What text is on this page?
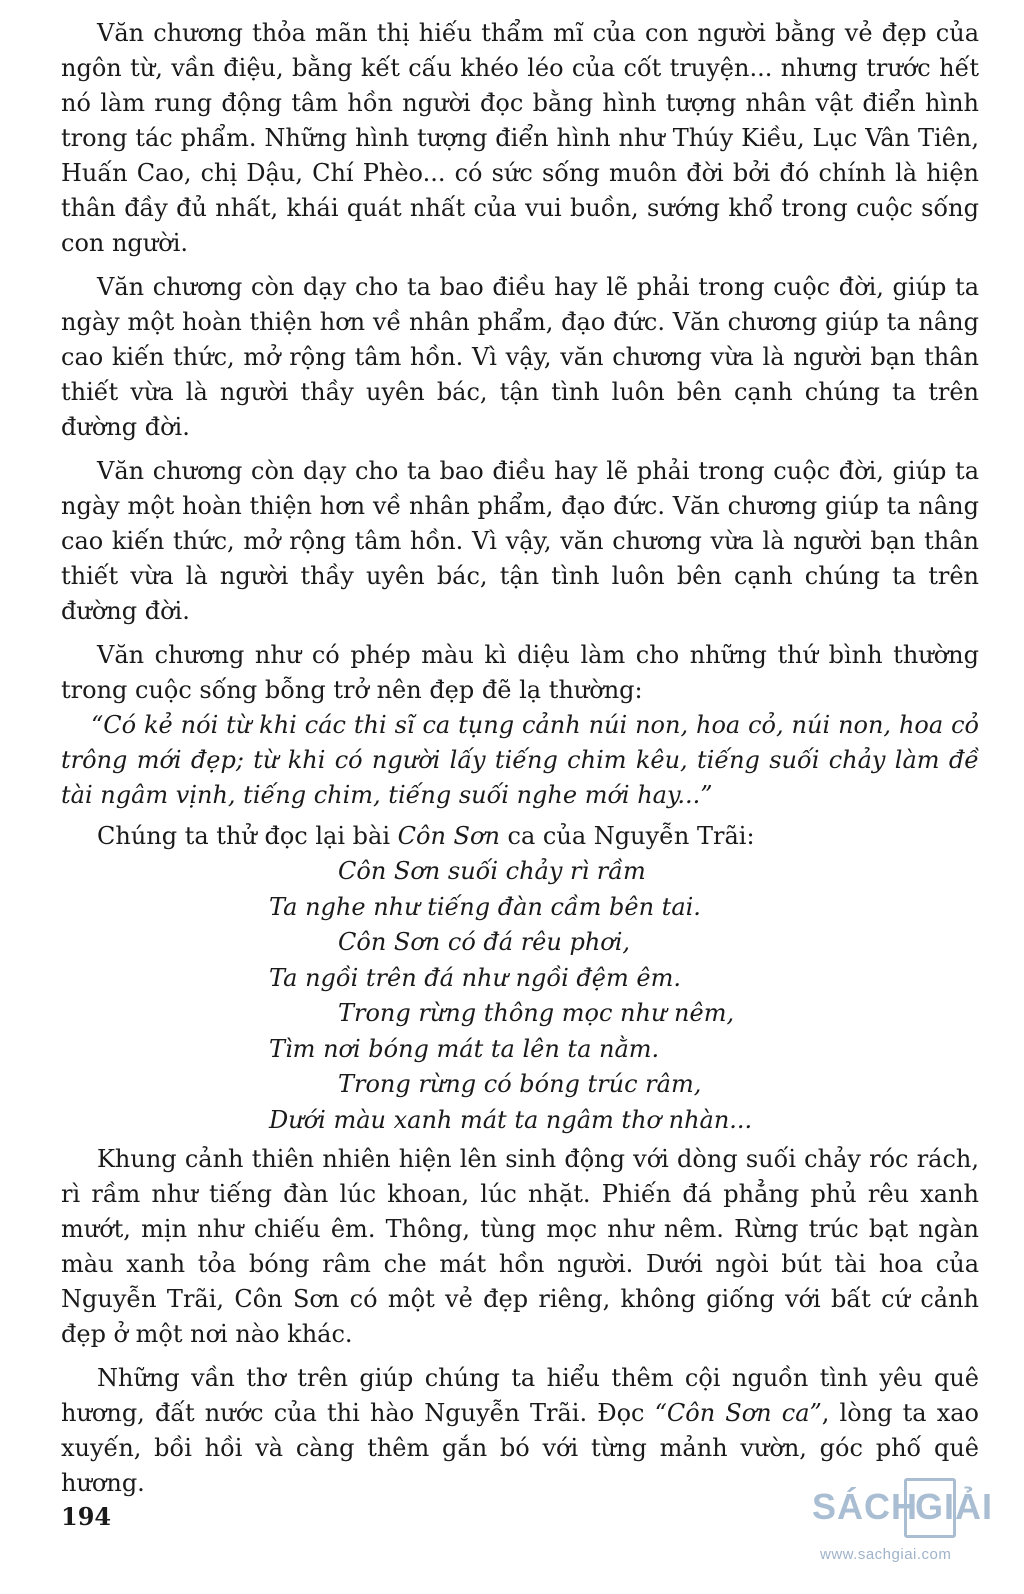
Văn chương thỏa mãn thị hiếu thẩm mĩ của con người bằng vẻ đẹp của ngôn từ, vần điệu, bằng kết cấu khéo léo của cốt truyện... nhưng trước hết nó làm rung động tâm hồn người đọc bằng hình tượng nhân vật điển hình trong tác phẩm. Những hình tượng điển hình như Thúy Kiều, Lục Vân Tiên, Huấn Cao, chị Dậu, Chí Phèo... có sức sống muôn đời bởi đó chính là hiện thân đầy đủ nhất, khái quát nhất của vui buồn, sướng khổ trong cuộc sống con người.

Văn chương còn dạy cho ta bao điều hay lẽ phải trong cuộc đời, giúp ta ngày một hoàn thiện hơn về nhân phẩm, đạo đức. Văn chương giúp ta nâng cao kiến thức, mở rộng tâm hồn. Vì vậy, văn chương vừa là người bạn thân thiết vừa là người thầy uyên bác, tận tình luôn bên cạnh chúng ta trên đường đời.

Văn chương còn dạy cho ta bao điều hay lẽ phải trong cuộc đời, giúp ta ngày một hoàn thiện hơn về nhân phẩm, đạo đức. Văn chương giúp ta nâng cao kiến thức, mở rộng tâm hồn. Vì vậy, văn chương vừa là người bạn thân thiết vừa là người thầy uyên bác, tận tình luôn bên cạnh chúng ta trên đường đời.

Văn chương như có phép màu kì diệu làm cho những thứ bình thường trong cuộc sống bỗng trở nên đẹp đẽ lạ thường:

“Có kẻ nói từ khi các thi sĩ ca tụng cảnh núi non, hoa cỏ, núi non, hoa cỏ trông mới đẹp; từ khi có người lấy tiếng chim kêu, tiếng suối chảy làm đề tài ngâm vịnh, tiếng chim, tiếng suối nghe mới hay...”

Chúng ta thử đọc lại bài Côn Sơn ca của Nguyễn Trãi:

Côn Sơn suối chảy rì rầm
Ta nghe như tiếng đàn cầm bên tai.
Côn Sơn có đá rêu phơi,
Ta ngồi trên đá như ngồi đệm êm.
Trong rừng thông mọc như nêm,
Tìm nơi bóng mát ta lên ta nằm.
Trong rừng có bóng trúc râm,
Dưới màu xanh mát ta ngâm thơ nhàn...

Khung cảnh thiên nhiên hiện lên sinh động với dòng suối chảy róc rách, rì rầm như tiếng đàn lúc khoan, lúc nhặt. Phiến đá phẳng phủ rêu xanh mướt, mịn như chiếu êm. Thông, tùng mọc như nêm. Rừng trúc bạt ngàn màu xanh tỏa bóng râm che mát hồn người. Dưới ngòi bút tài hoa của Nguyễn Trãi, Côn Sơn có một vẻ đẹp riêng, không giống với bất cứ cảnh đẹp ở một nơi nào khác.

Những vần thơ trên giúp chúng ta hiểu thêm cội nguồn tình yêu quê hương, đất nước của thi hào Nguyễn Trãi. Đọc “Côn Sơn ca”, lòng ta xao xuyến, bồi hồi và càng thêm gắn bó với từng mảnh vườn, góc phố quê hương.

194	SÁCH
GIẢI
www.sachgiai.com
